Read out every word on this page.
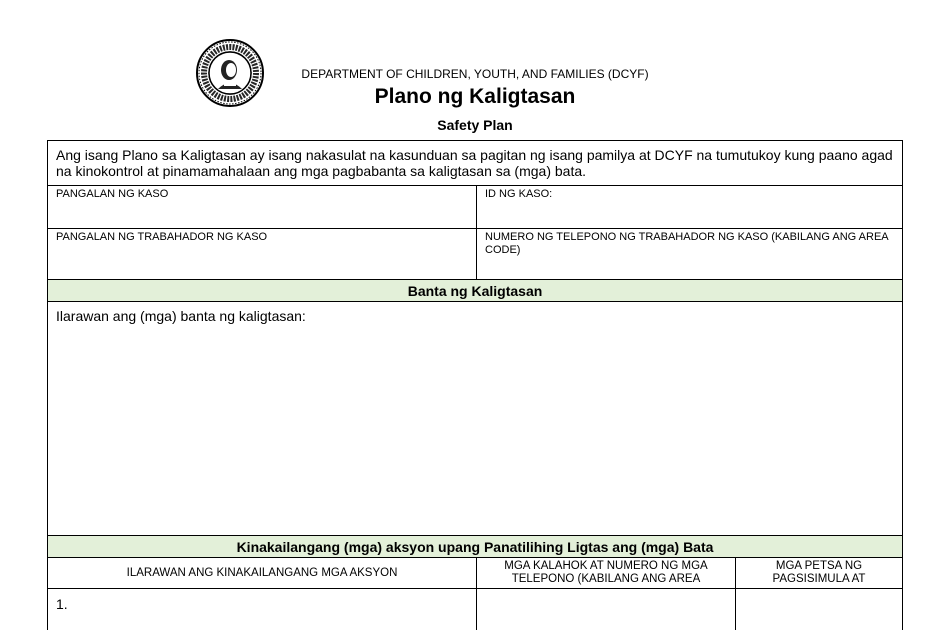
DEPARTMENT OF CHILDREN, YOUTH, AND FAMILIES (DCYF)
Plano ng Kaligtasan
Safety Plan
Ang isang Plano sa Kaligtasan ay isang nakasulat na kasunduan sa pagitan ng isang pamilya at DCYF na tumutukoy kung paano agad na kinokontrol at pinamamahalaan ang mga pagbabanta sa kaligtasan sa (mga) bata.
PANGALAN NG KASO	ID NG KASO:
PANGALAN NG TRABAHADOR NG KASO	NUMERO NG TELEPONO NG TRABAHADOR NG KASO (KABILANG ANG AREA CODE)
Banta ng Kaligtasan
Ilarawan ang (mga) banta ng kaligtasan:
Kinakailangang (mga) aksyon upang Panatilihing Ligtas ang (mga) Bata
ILARAWAN ANG KINAKAILANGANG MGA AKSYON
MGA KALAHOK AT NUMERO NG MGA TELEPONO (KABILANG ANG AREA
MGA PETSA NG PAGSISIMULA AT
1.
